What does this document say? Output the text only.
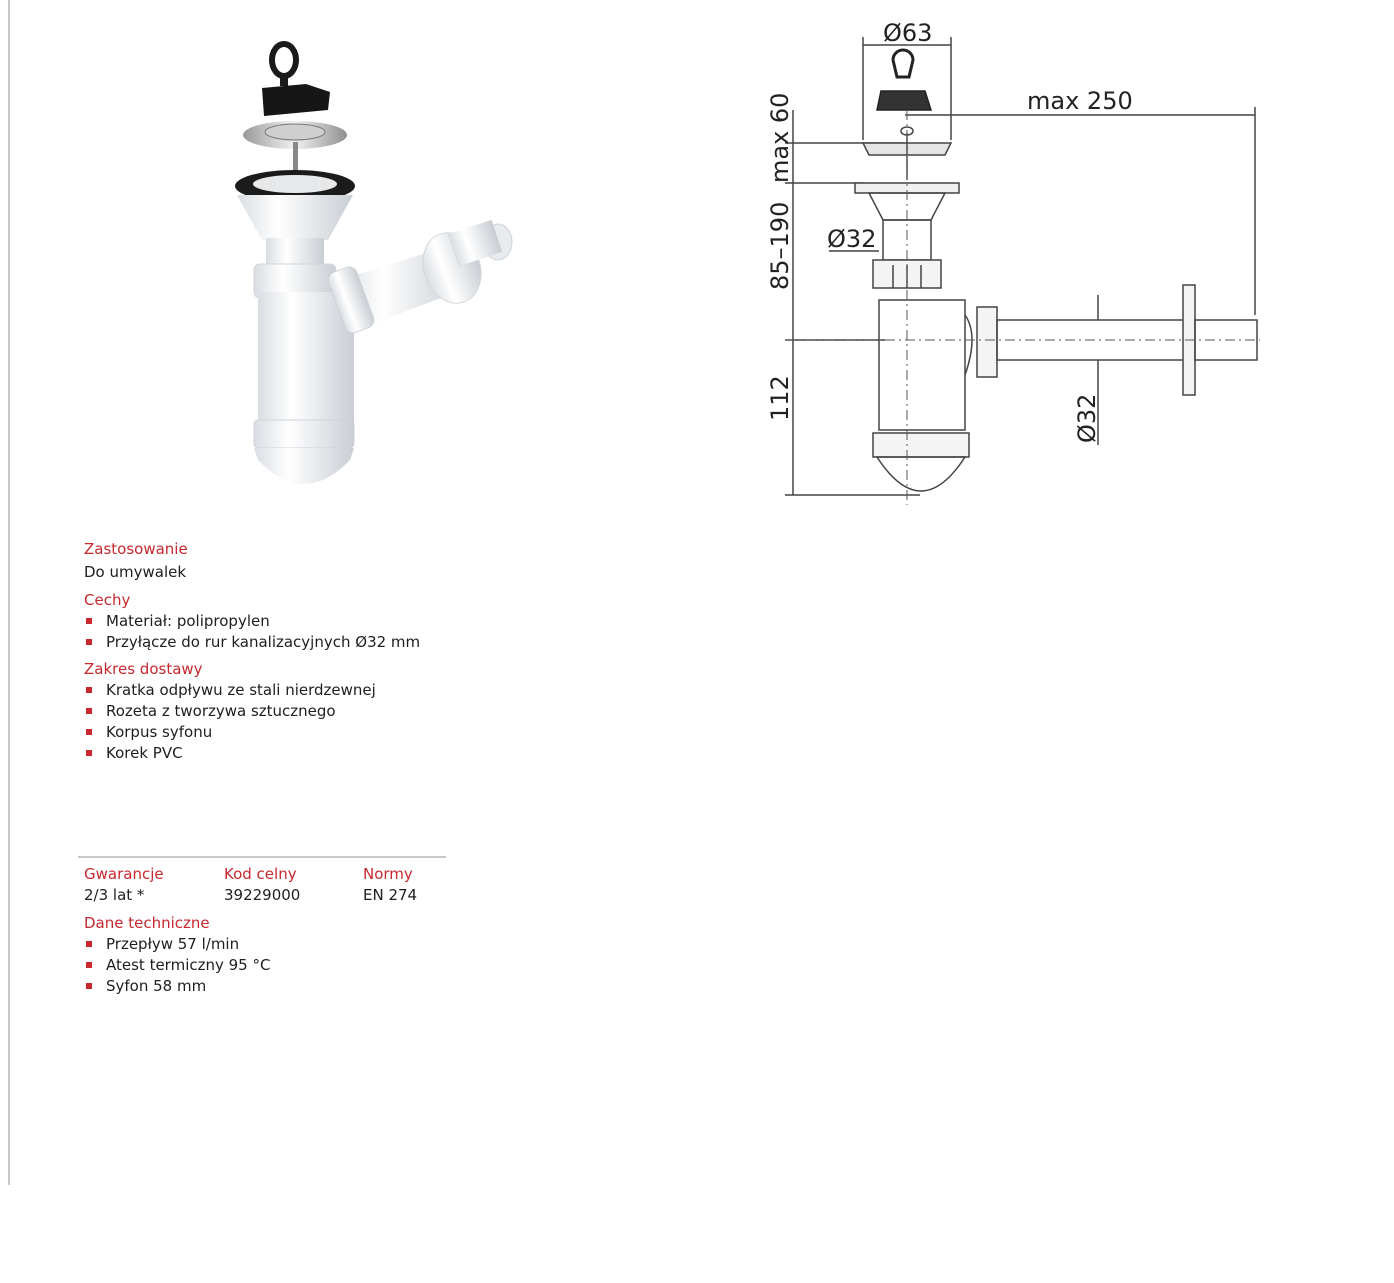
Ø63
max 250
max 60
85–190 Ø32
112	Ø32
Zastosowanie
Do umywalek
Cechy
Materiał: polipropylen
Przyłącze do rur kanalizacyjnych Ø32 mm
Zakres dostawy
Kratka odpływu ze stali nierdzewnej
Rozeta z tworzywa sztucznego
Korpus syfonu
Korek PVC
Gwarancje
2/3 lat *
Kod celny
39229000
Normy
EN 274
Dane techniczne
Przepływ 57 l/min
Atest termiczny 95 °C
Syfon 58 mm
